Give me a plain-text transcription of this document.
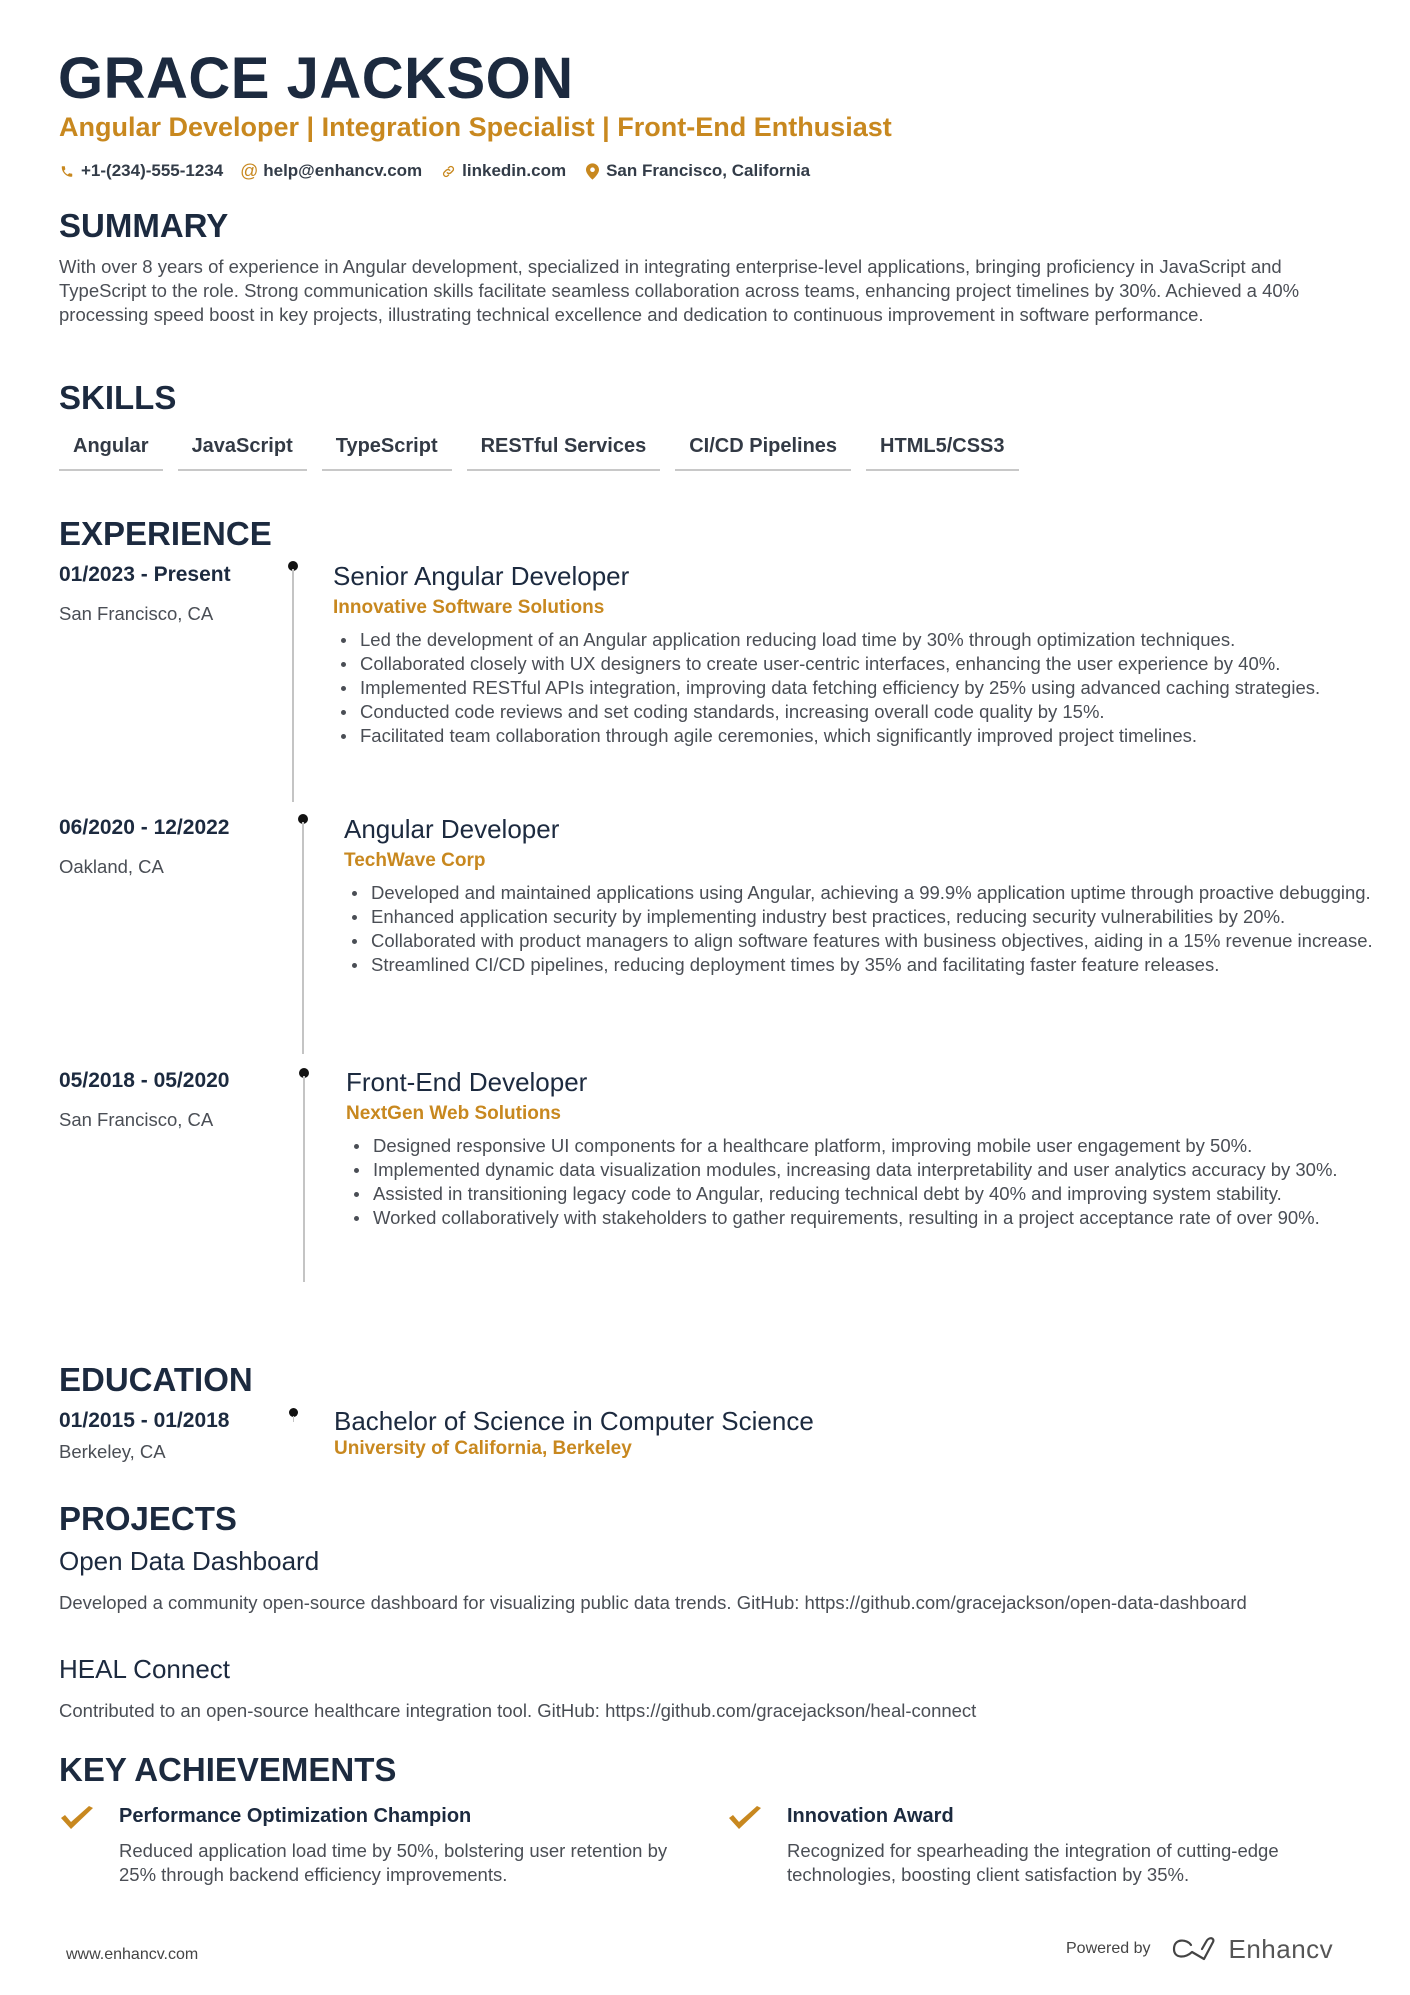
GRACE JACKSON
Angular Developer | Integration Specialist | Front-End Enthusiast
+1-(234)-555-1234 @ help@enhancv.com linkedin.com San Francisco, California
SUMMARY
With over 8 years of experience in Angular development, specialized in integrating enterprise-level applications, bringing proficiency in JavaScript and TypeScript to the role. Strong communication skills facilitate seamless collaboration across teams, enhancing project timelines by 30%. Achieved a 40% processing speed boost in key projects, illustrating technical excellence and dedication to continuous improvement in software performance.
SKILLS
Angular	JavaScript	TypeScript	RESTful Services	CI/CD Pipelines	HTML5/CSS3
EXPERIENCE
01/2023 - Present
San Francisco, CA
Senior Angular Developer
Innovative Software Solutions
Led the development of an Angular application reducing load time by 30% through optimization techniques.
Collaborated closely with UX designers to create user-centric interfaces, enhancing the user experience by 40%.
Implemented RESTful APIs integration, improving data fetching efficiency by 25% using advanced caching strategies.
Conducted code reviews and set coding standards, increasing overall code quality by 15%.
Facilitated team collaboration through agile ceremonies, which significantly improved project timelines.
06/2020 - 12/2022
Oakland, CA
Angular Developer
TechWave Corp
Developed and maintained applications using Angular, achieving a 99.9% application uptime through proactive debugging.
Enhanced application security by implementing industry best practices, reducing security vulnerabilities by 20%.
Collaborated with product managers to align software features with business objectives, aiding in a 15% revenue increase.
Streamlined CI/CD pipelines, reducing deployment times by 35% and facilitating faster feature releases.
05/2018 - 05/2020
San Francisco, CA
Front-End Developer
NextGen Web Solutions
Designed responsive UI components for a healthcare platform, improving mobile user engagement by 50%.
Implemented dynamic data visualization modules, increasing data interpretability and user analytics accuracy by 30%.
Assisted in transitioning legacy code to Angular, reducing technical debt by 40% and improving system stability.
Worked collaboratively with stakeholders to gather requirements, resulting in a project acceptance rate of over 90%.
EDUCATION
01/2015 - 01/2018
Berkeley, CA
Bachelor of Science in Computer Science
University of California, Berkeley
PROJECTS
Open Data Dashboard
Developed a community open-source dashboard for visualizing public data trends. GitHub: https://github.com/gracejackson/open-data-dashboard
HEAL Connect
Contributed to an open-source healthcare integration tool. GitHub: https://github.com/gracejackson/heal-connect
KEY ACHIEVEMENTS
Performance Optimization Champion
Reduced application load time by 50%, bolstering user retention by 25% through backend efficiency improvements.
Innovation Award
Recognized for spearheading the integration of cutting-edge technologies, boosting client satisfaction by 35%.
www.enhancv.com	Powered by	Enhancv
